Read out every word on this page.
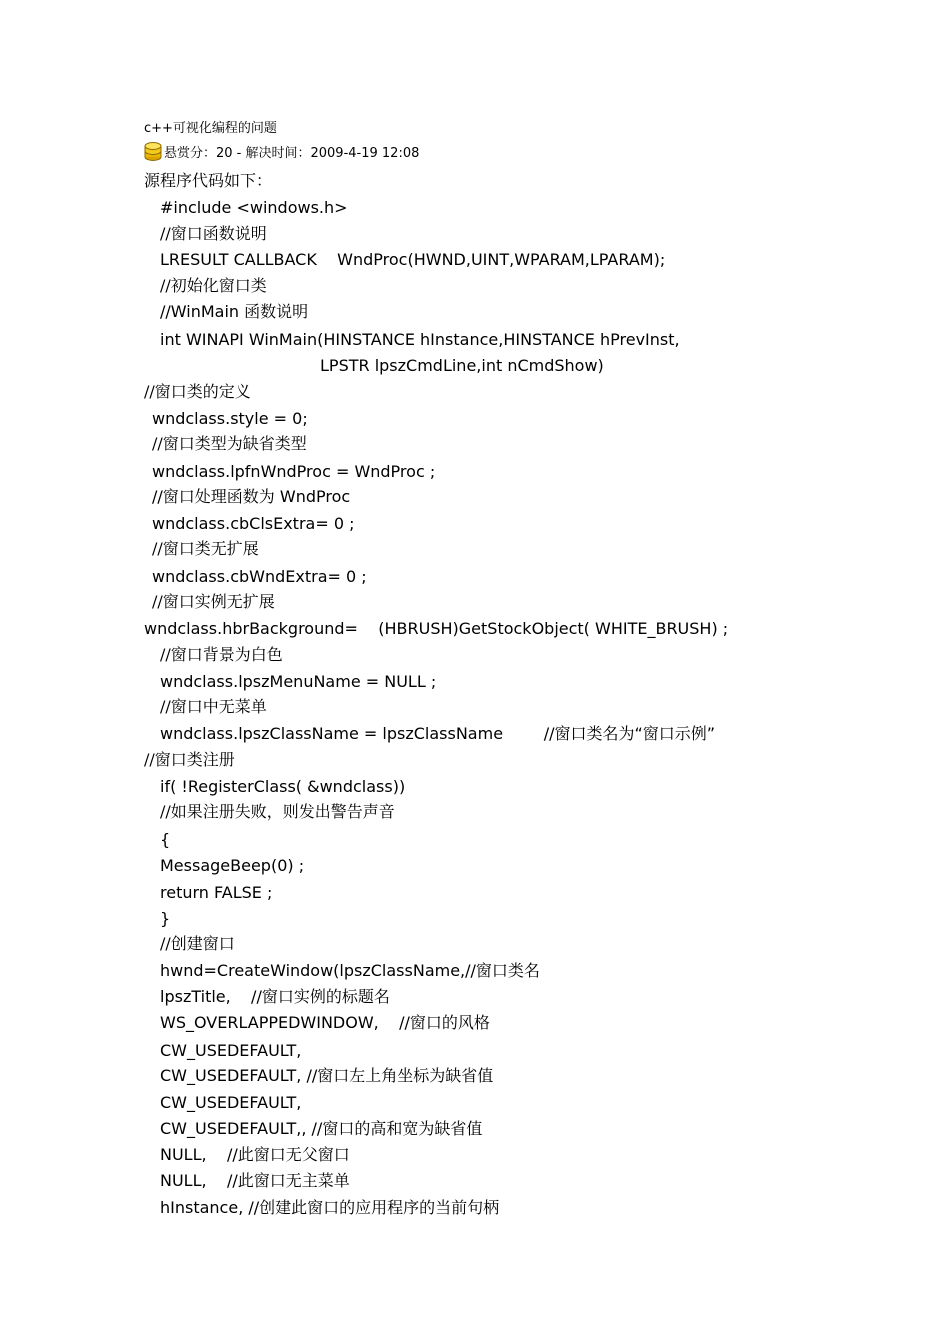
c++可视化编程的问题
悬赏分：20 - 解决时间：2009-4-19 12:08
源程序代码如下：
#include <windows.h>
//窗口函数说明
LRESULT CALLBACK    WndProc(HWND,UINT,WPARAM,LPARAM);
//初始化窗口类
//WinMain 函数说明
int WINAPI WinMain(HINSTANCE hInstance,HINSTANCE hPrevInst,
LPSTR lpszCmdLine,int nCmdShow)
//窗口类的定义
wndclass.style = 0;
//窗口类型为缺省类型
wndclass.lpfnWndProc = WndProc ;
//窗口处理函数为 WndProc
wndclass.cbClsExtra= 0 ;
//窗口类无扩展
wndclass.cbWndExtra= 0 ;
//窗口实例无扩展
wndclass.hbrBackground=    (HBRUSH)GetStockObject( WHITE_BRUSH) ;
//窗口背景为白色
wndclass.lpszMenuName = NULL ;
//窗口中无菜单
wndclass.lpszClassName = lpszClassName        //窗口类名为“窗口示例”
//窗口类注册
if( !RegisterClass( &wndclass))
//如果注册失败，则发出警告声音
{
MessageBeep(0) ;
return FALSE ;
}
//创建窗口
hwnd=CreateWindow(lpszClassName,//窗口类名
lpszTitle,    //窗口实例的标题名
WS_OVERLAPPEDWINDOW,    //窗口的风格
CW_USEDEFAULT,
CW_USEDEFAULT, //窗口左上角坐标为缺省值
CW_USEDEFAULT,
CW_USEDEFAULT,, //窗口的高和宽为缺省值
NULL,    //此窗口无父窗口
NULL,    //此窗口无主菜单
hInstance, //创建此窗口的应用程序的当前句柄
